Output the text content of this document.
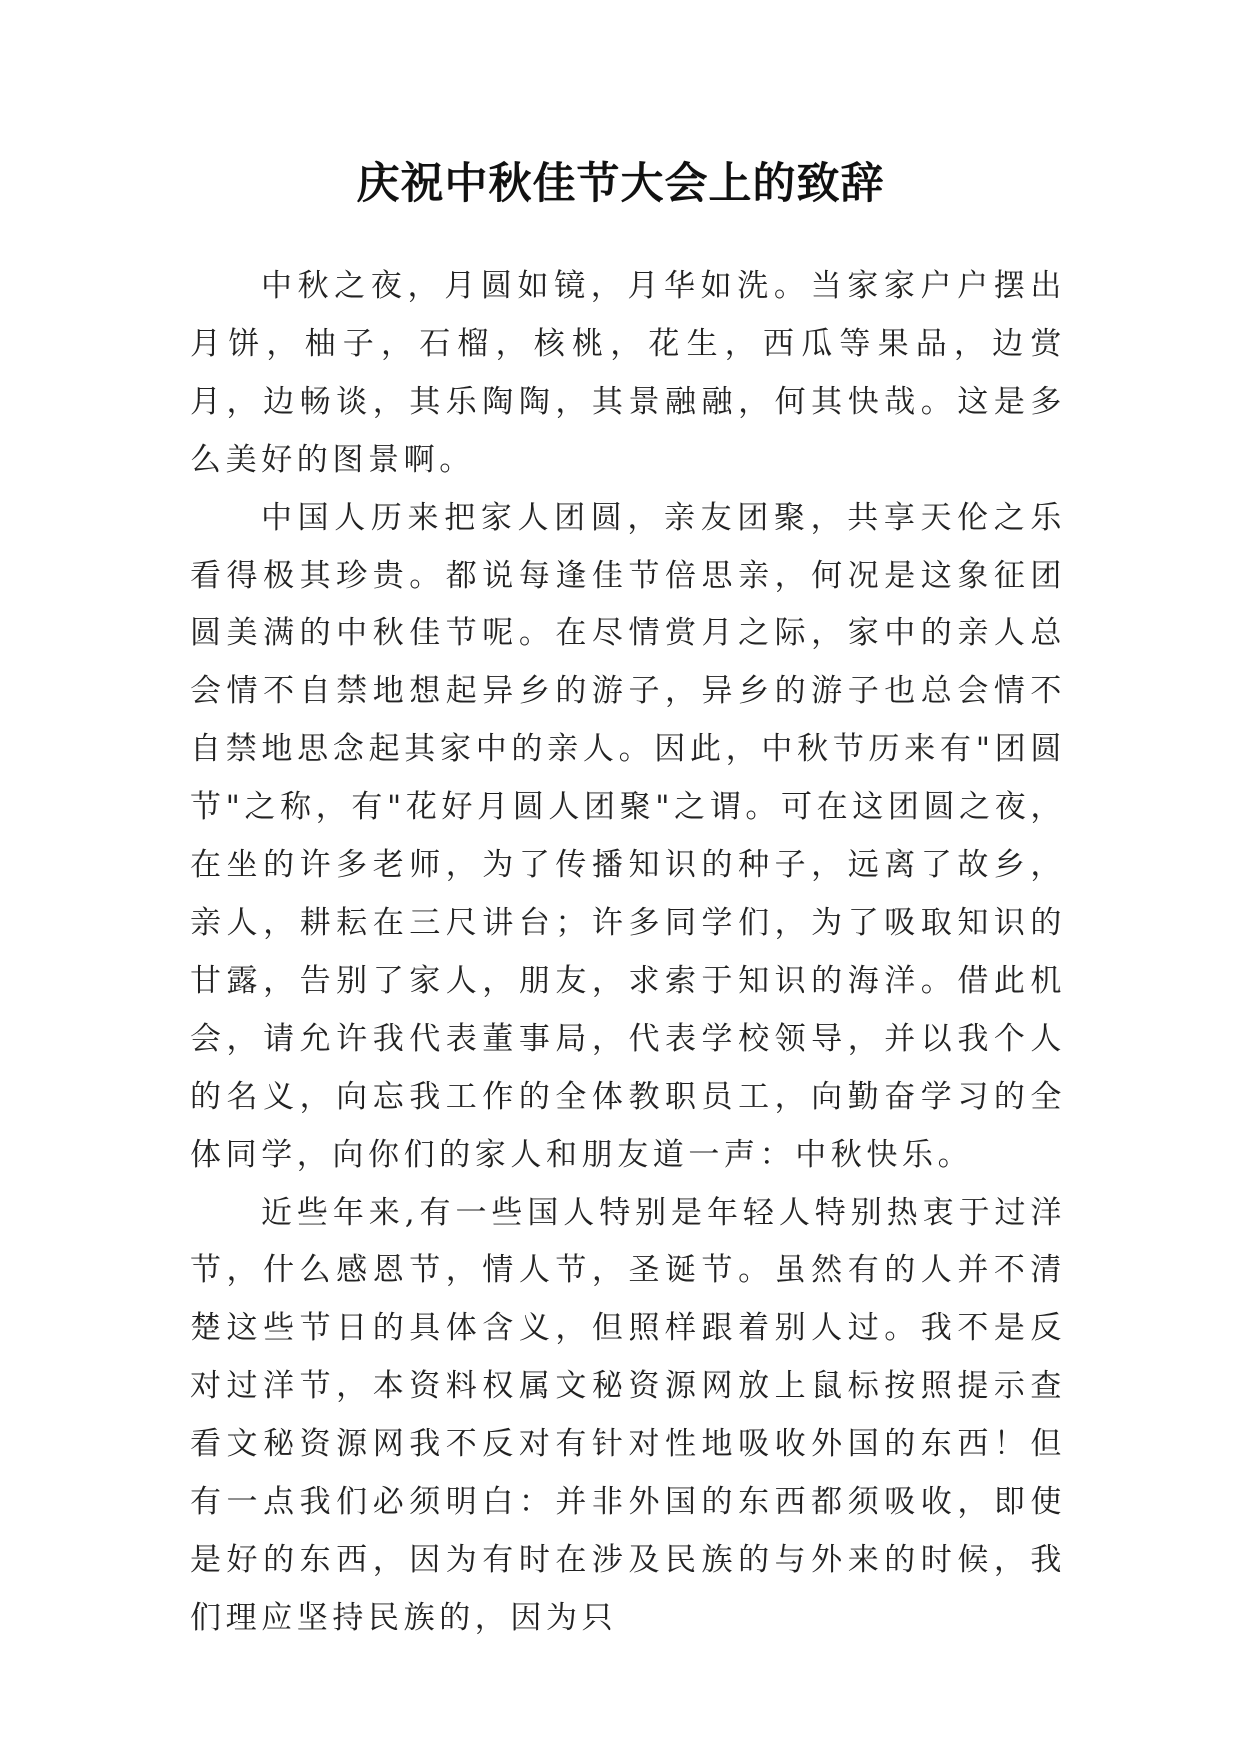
庆祝中秋佳节大会上的致辞

中秋之夜，月圆如镜，月华如洗。当家家户户摆出月饼，柚子，石榴，核桃，花生，西瓜等果品，边赏月，边畅谈，其乐陶陶，其景融融，何其快哉。这是多么美好的图景啊。

中国人历来把家人团圆，亲友团聚，共享天伦之乐看得极其珍贵。都说每逢佳节倍思亲，何况是这象征团圆美满的中秋佳节呢。在尽情赏月之际，家中的亲人总会情不自禁地想起异乡的游子，异乡的游子也总会情不自禁地思念起其家中的亲人。因此，中秋节历来有"团圆节"之称，有"花好月圆人团聚"之谓。可在这团圆之夜，在坐的许多老师，为了传播知识的种子，远离了故乡，亲人，耕耘在三尺讲台；许多同学们，为了吸取知识的甘露，告别了家人，朋友，求索于知识的海洋。借此机会，请允许我代表董事局，代表学校领导，并以我个人的名义，向忘我工作的全体教职员工，向勤奋学习的全体同学，向你们的家人和朋友道一声：中秋快乐。

近些年来,有一些国人特别是年轻人特别热衷于过洋节，什么感恩节，情人节，圣诞节。虽然有的人并不清楚这些节日的具体含义，但照样跟着别人过。我不是反对过洋节，本资料权属文秘资源网放上鼠标按照提示查看文秘资源网我不反对有针对性地吸收外国的东西！但有一点我们必须明白：并非外国的东西都须吸收，即使是好的东西，因为有时在涉及民族的与外来的时候，我们理应坚持民族的，因为只
